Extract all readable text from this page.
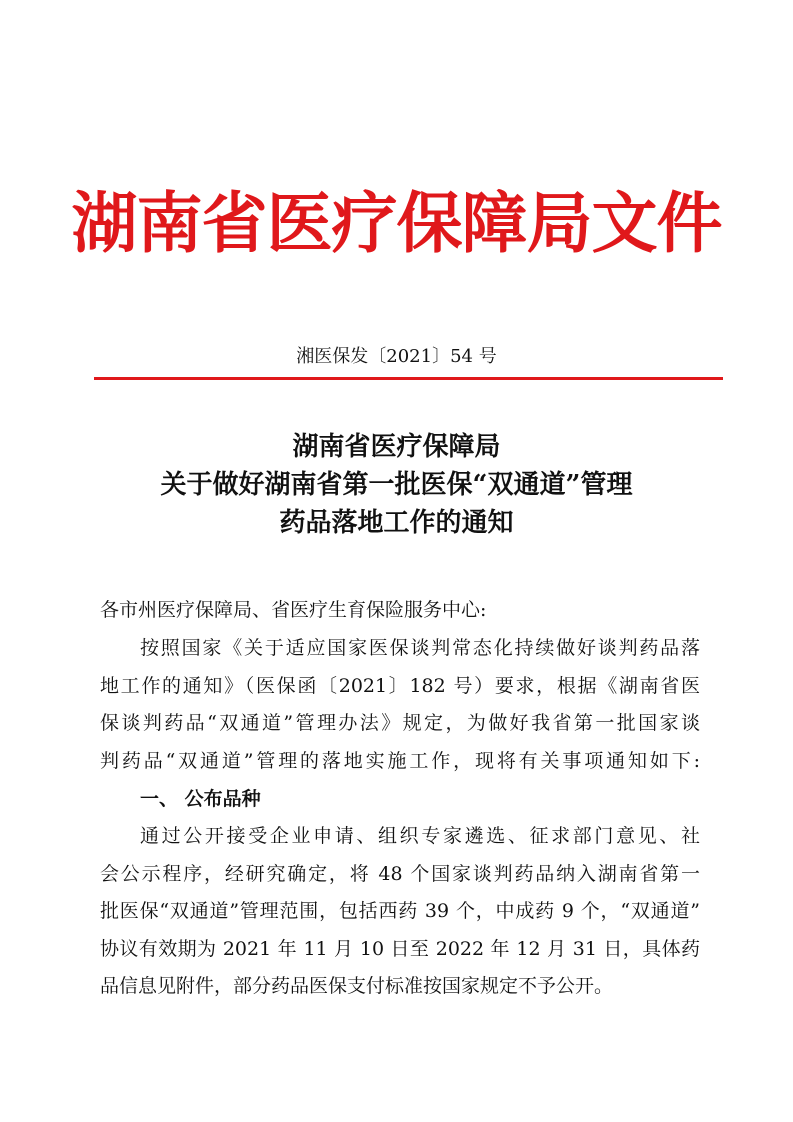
湖南省医疗保障局文件
湘医保发〔2021〕54 号
湖南省医疗保障局
关于做好湖南省第一批医保“双通道”管理
药品落地工作的通知
各市州医疗保障局、省医疗生育保险服务中心:
按照国家《关于适应国家医保谈判常态化持续做好谈判药品落
地工作的通知》（医保函〔2021〕182 号）要求，根据《湖南省医
保谈判药品“双通道”管理办法》规定，为做好我省第一批国家谈
判药品“双通道”管理的落地实施工作，现将有关事项通知如下:
一、 公布品种
通过公开接受企业申请、组织专家遴选、征求部门意见、社
会公示程序，经研究确定，将 48 个国家谈判药品纳入湖南省第一
批医保“双通道”管理范围，包括西药 39 个，中成药 9 个，“双通道”
协议有效期为 2021 年 11 月 10 日至 2022 年 12 月 31 日，具体药
品信息见附件，部分药品医保支付标准按国家规定不予公开。
